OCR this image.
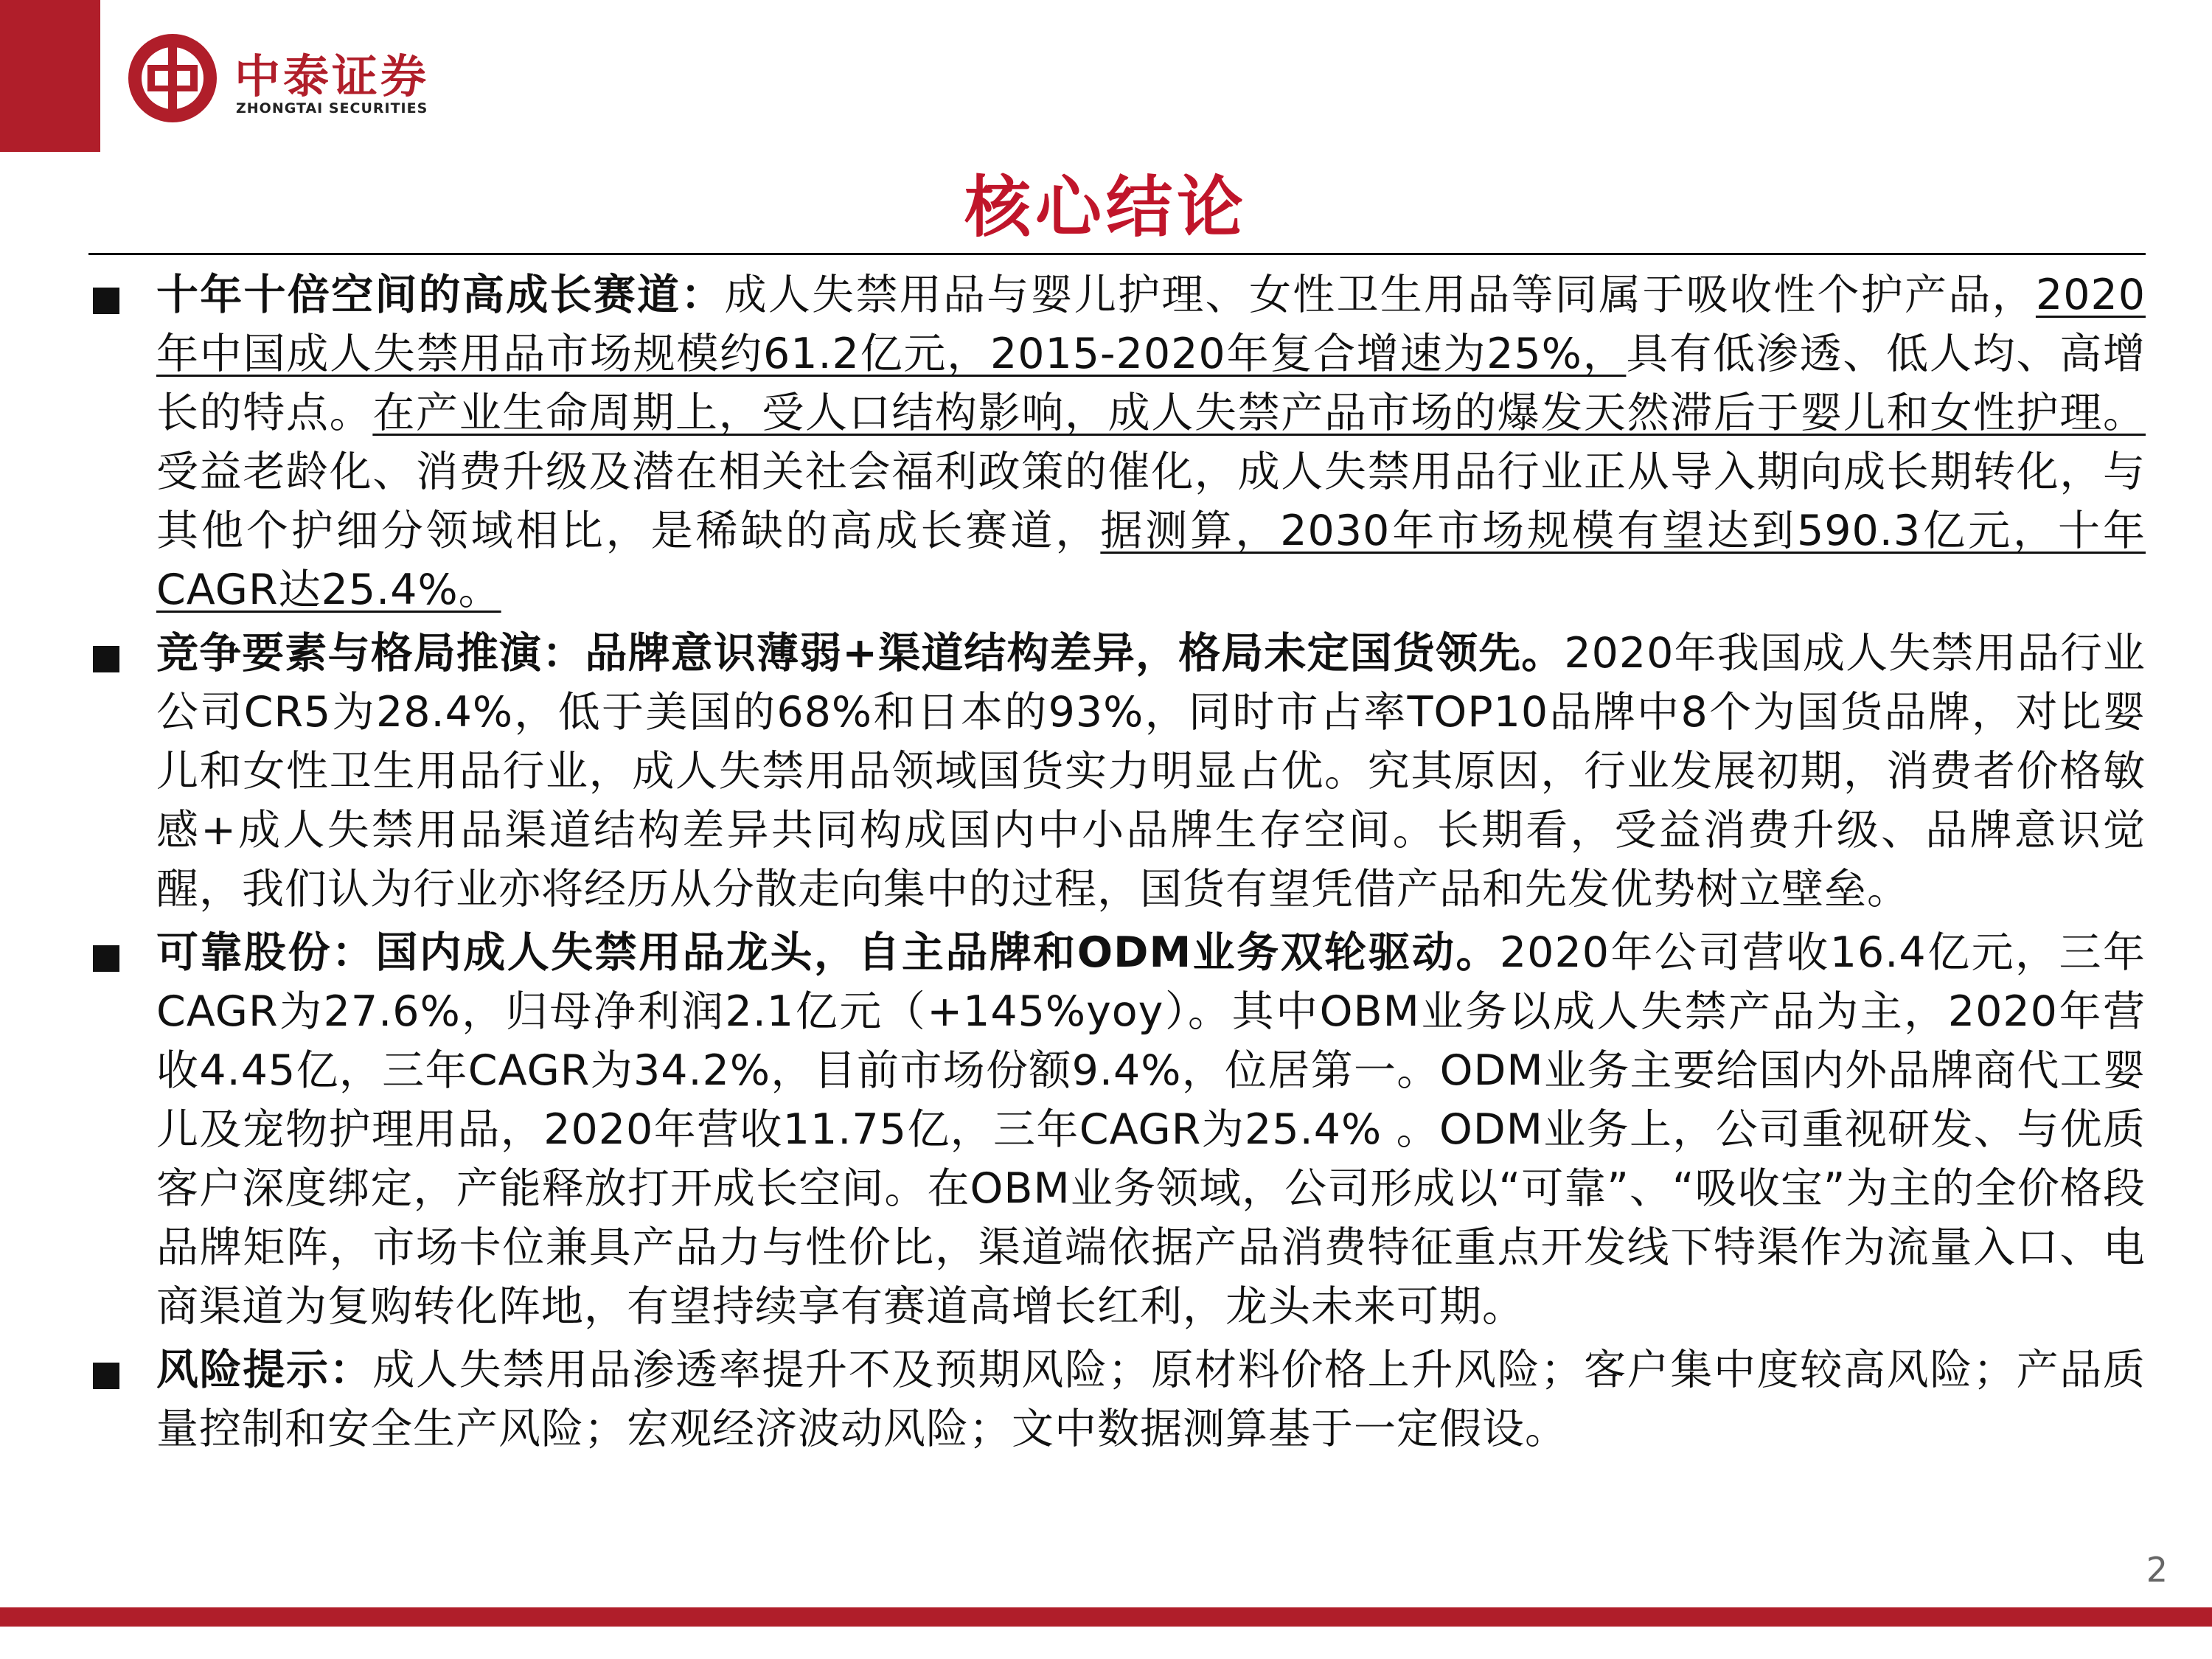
中泰证券
ZHONGTAI SECURITIES
核心结论

十年十倍空间的高成长赛道：成人失禁用品与婴儿护理、女性卫生用品等同属于吸收性个护产品，2020年中国成人失禁用品市场规模约61.2亿元，2015-2020年复合增速为25%，具有低渗透、低人均、高增长的特点。在产业生命周期上，受人口结构影响，成人失禁产品市场的爆发天然滞后于婴儿和女性护理。受益老龄化、消费升级及潜在相关社会福利政策的催化，成人失禁用品行业正从导入期向成长期转化，与其他个护细分领域相比，是稀缺的高成长赛道，据测算，2030年市场规模有望达到590.3亿元，十年CAGR达25.4%。

竞争要素与格局推演：品牌意识薄弱+渠道结构差异，格局未定国货领先。2020年我国成人失禁用品行业公司CR5为28.4%，低于美国的68%和日本的93%，同时市占率TOP10品牌中8个为国货品牌，对比婴儿和女性卫生用品行业，成人失禁用品领域国货实力明显占优。究其原因，行业发展初期，消费者价格敏感+成人失禁用品渠道结构差异共同构成国内中小品牌生存空间。长期看，受益消费升级、品牌意识觉醒，我们认为行业亦将经历从分散走向集中的过程，国货有望凭借产品和先发优势树立壁垒。

可靠股份：国内成人失禁用品龙头，自主品牌和ODM业务双轮驱动。2020年公司营收16.4亿元，三年CAGR为27.6%，归母净利润2.1亿元（+145%yoy）。其中OBM业务以成人失禁产品为主，2020年营收4.45亿，三年CAGR为34.2%，目前市场份额9.4%，位居第一。ODM业务主要给国内外品牌商代工婴儿及宠物护理用品，2020年营收11.75亿，三年CAGR为25.4% 。ODM业务上，公司重视研发、与优质客户深度绑定，产能释放打开成长空间。在OBM业务领域，公司形成以“可靠”、“吸收宝”为主的全价格段品牌矩阵，市场卡位兼具产品力与性价比，渠道端依据产品消费特征重点开发线下特渠作为流量入口、电商渠道为复购转化阵地，有望持续享有赛道高增长红利，龙头未来可期。

风险提示：成人失禁用品渗透率提升不及预期风险；原材料价格上升风险；客户集中度较高风险；产品质量控制和安全生产风险；宏观经济波动风险；文中数据测算基于一定假设。

2
